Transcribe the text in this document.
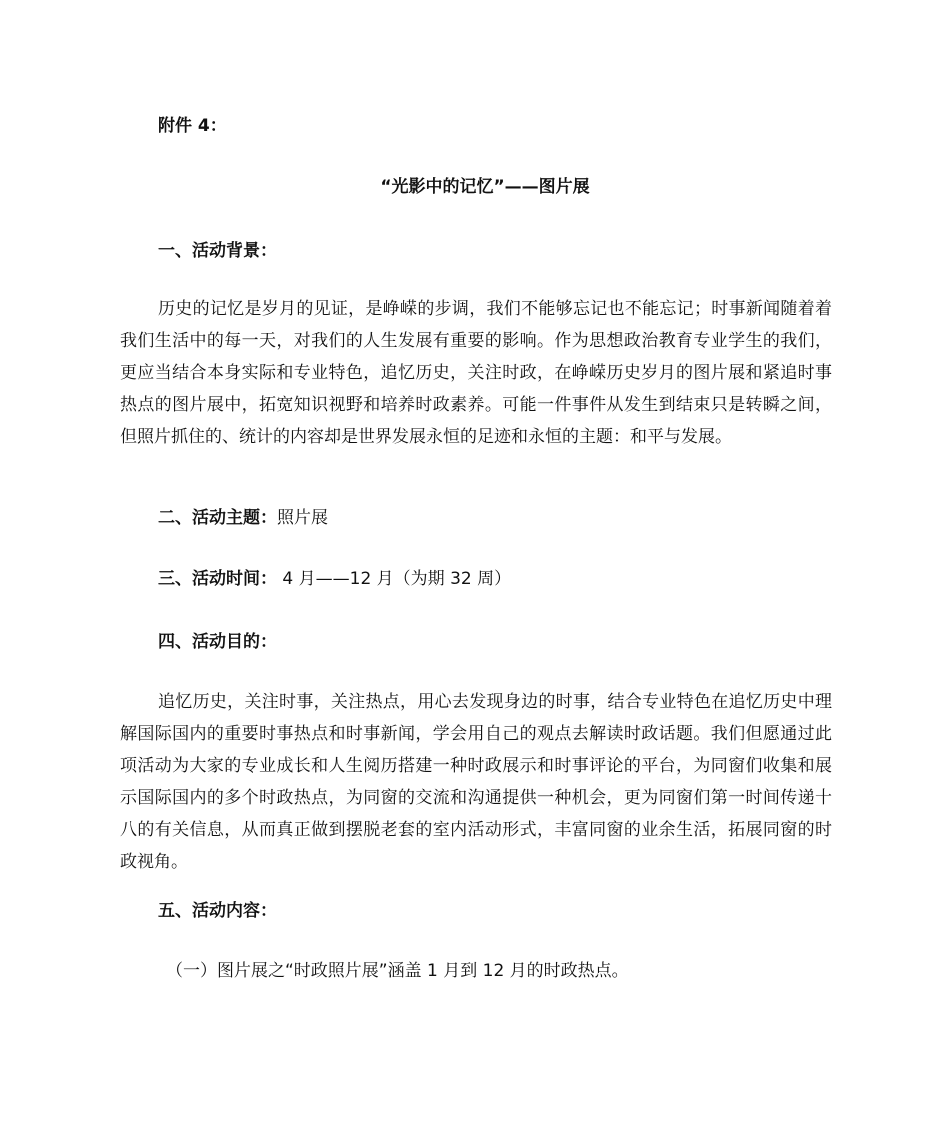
附件 4：
“光影中的记忆”——图片展
一、活动背景：
历史的记忆是岁月的见证，是峥嵘的步调，我们不能够忘记也不能忘记；时事新闻随着着我们生活中的每一天，对我们的人生发展有重要的影响。作为思想政治教育专业学生的我们，更应当结合本身实际和专业特色，追忆历史，关注时政，在峥嵘历史岁月的图片展和紧追时事热点的图片展中，拓宽知识视野和培养时政素养。可能一件事件从发生到结束只是转瞬之间，但照片抓住的、统计的内容却是世界发展永恒的足迹和永恒的主题：和平与发展。
二、活动主题：照片展
三、活动时间： 4 月——12 月（为期 32 周）
四、活动目的：
追忆历史，关注时事，关注热点，用心去发现身边的时事，结合专业特色在追忆历史中理解国际国内的重要时事热点和时事新闻，学会用自己的观点去解读时政话题。我们但愿通过此项活动为大家的专业成长和人生阅历搭建一种时政展示和时事评论的平台，为同窗们收集和展示国际国内的多个时政热点，为同窗的交流和沟通提供一种机会，更为同窗们第一时间传递十八的有关信息，从而真正做到摆脱老套的室内活动形式，丰富同窗的业余生活，拓展同窗的时政视角。
五、活动内容：
（一）图片展之“时政照片展”涵盖 1 月到 12 月的时政热点。
